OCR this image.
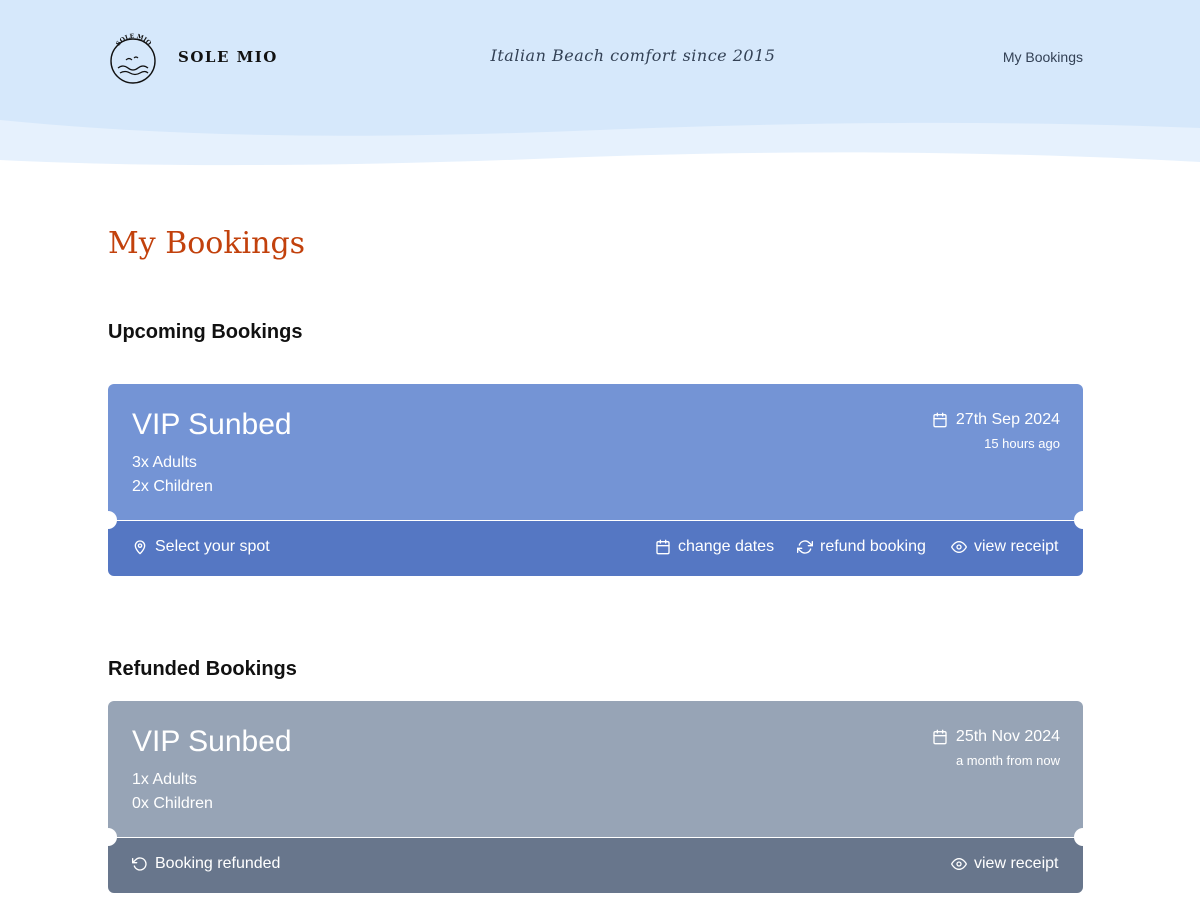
SOLE MIO
SOLE MIO	Italian Beach comfort since 2015	My Bookings
My Bookings
Upcoming Bookings
VIP Sunbed
3x Adults
2x Children
27th Sep 2024
15 hours ago
Select your spot	change dates	refund booking	view receipt
Refunded Bookings
VIP Sunbed
1x Adults
0x Children
25th Nov 2024
a month from now
Booking refunded	view receipt
